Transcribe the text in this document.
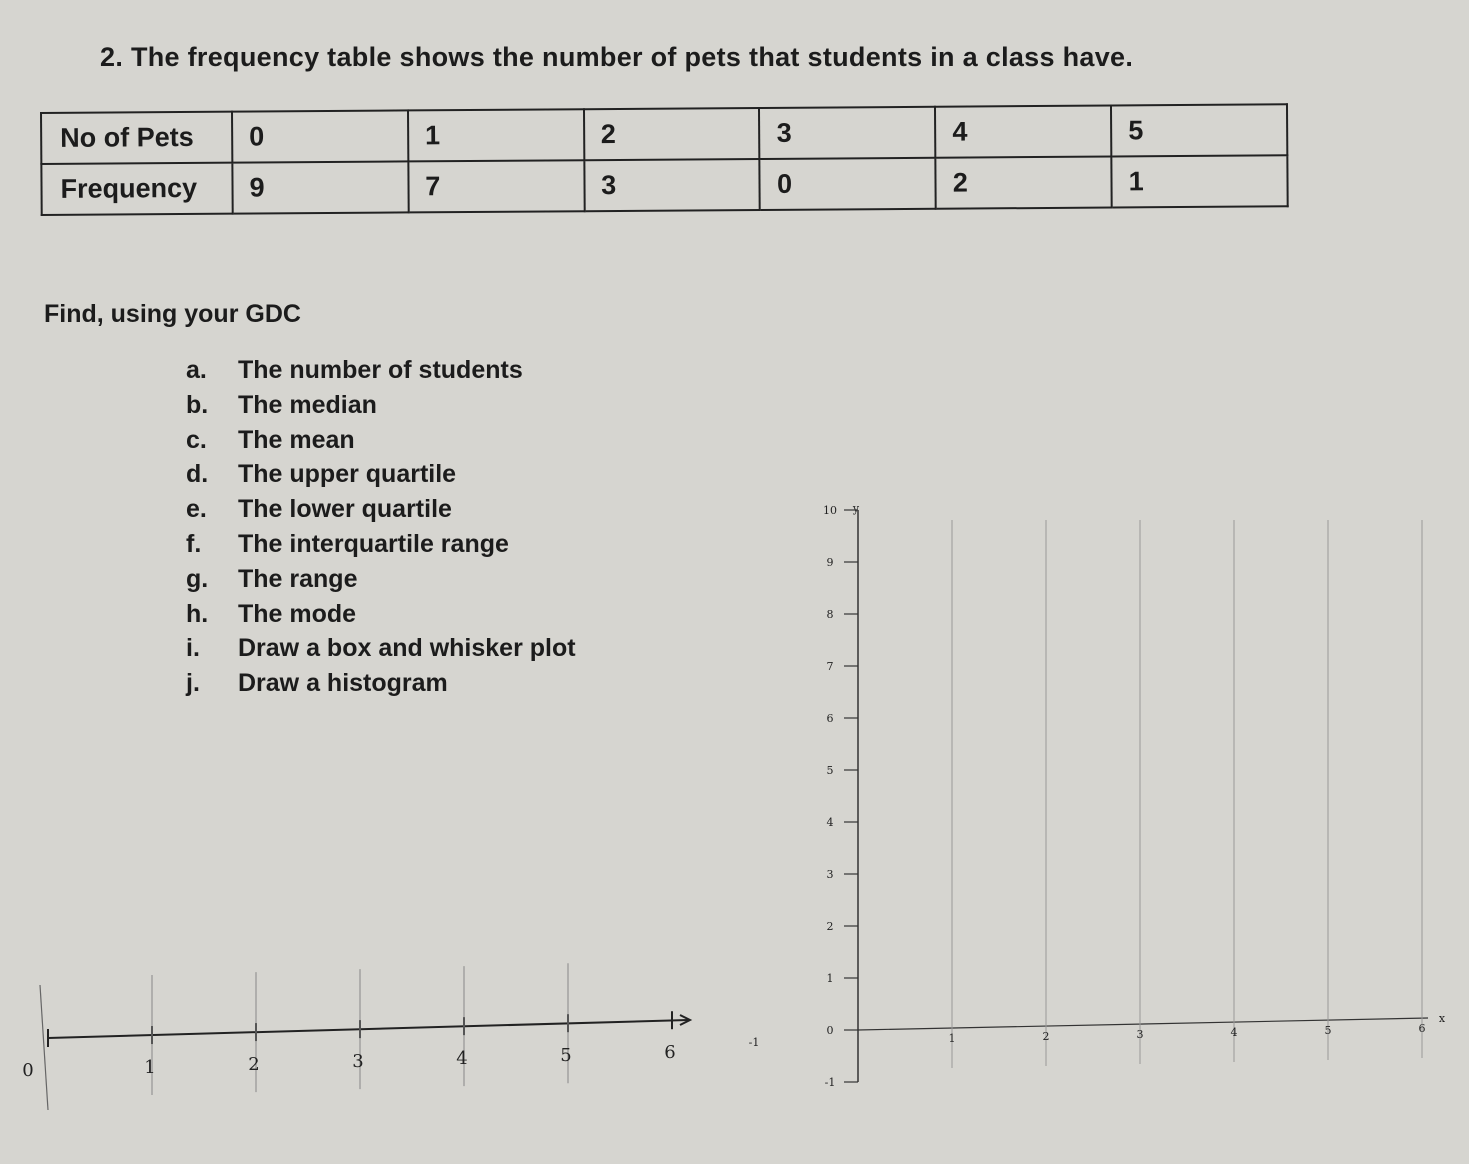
2. The frequency table shows the number of pets that students in a class have.
No of Pets	0	1	2	3	4	5
Frequency	9	7	3	0	2	1
Find, using your GDC
a.	The number of students
b.	The median
c.	The mean
d.	The upper quartile
e.	The lower quartile
f.	The interquartile range
g.	The range
h.	The mode
i.	Draw a box and whisker plot
j.	Draw a histogram
0	1	2	3	4	5	6
y
10
9
8
7
6
5
4
3
2
1
0
-1
x
-1	1	2	3	4	5	6
